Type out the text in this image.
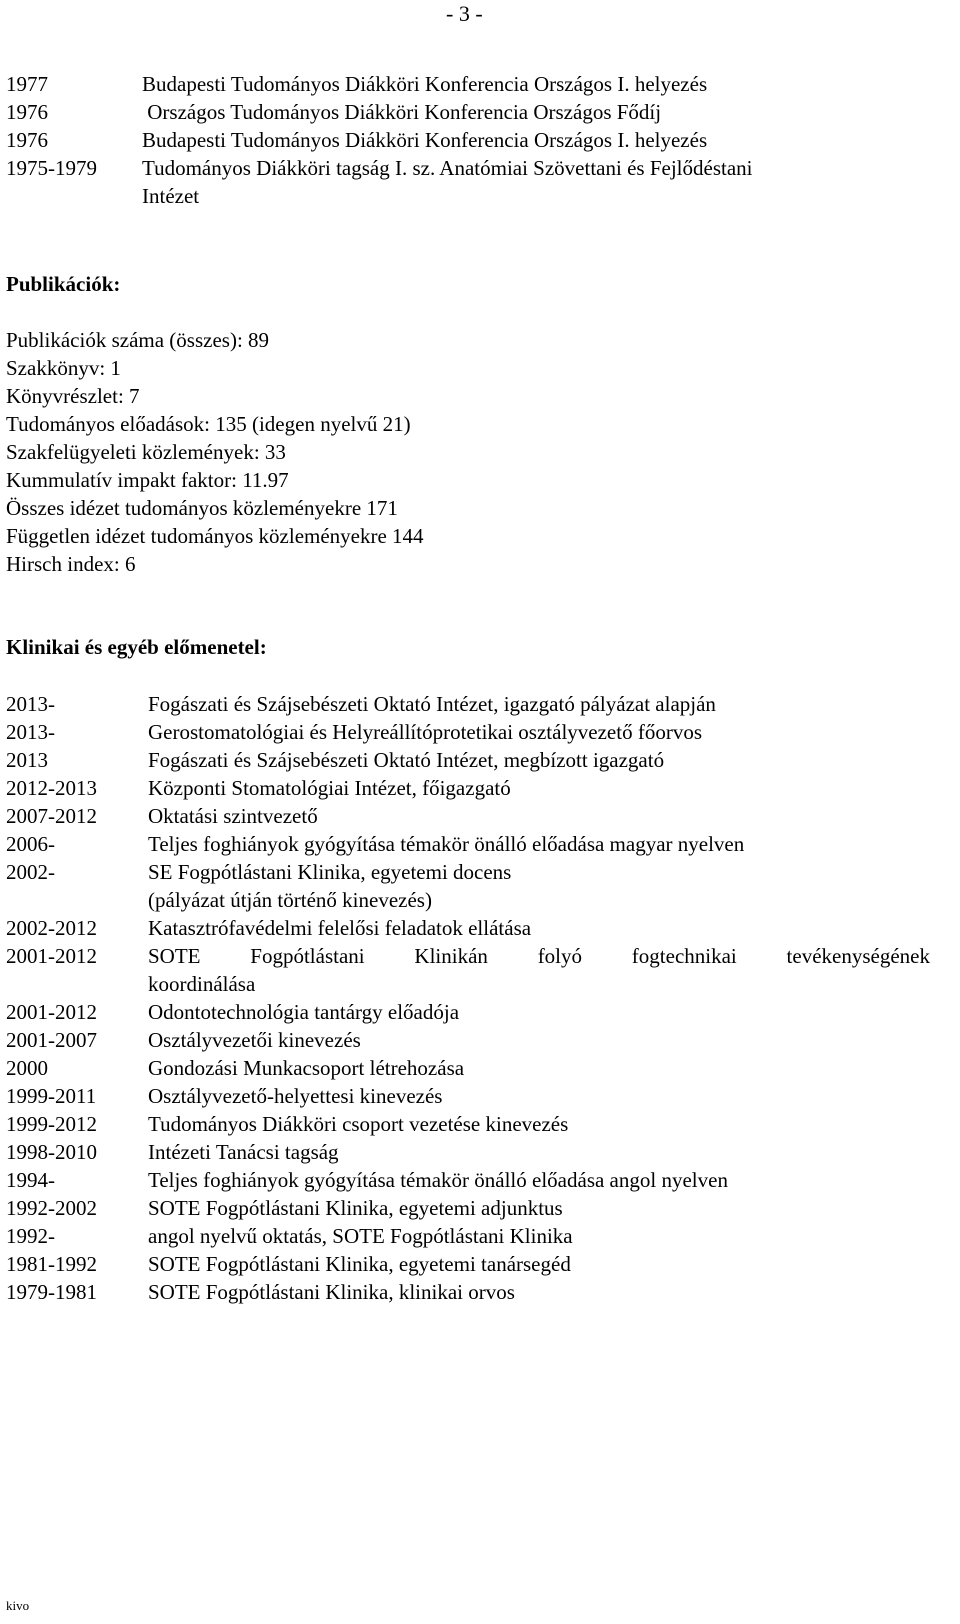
- 3 -
1977	Budapesti Tudományos Diákköri Konferencia Országos I. helyezés
1976	Országos Tudományos Diákköri Konferencia Országos Fődíj
1976	Budapesti Tudományos Diákköri Konferencia Országos I. helyezés
1975-1979	Tudományos Diákköri tagság I. sz. Anatómiai Szövettani és Fejlődéstani
Intézet
Publikációk:
Publikációk száma (összes): 89
Szakkönyv: 1
Könyvrészlet: 7
Tudományos előadások: 135 (idegen nyelvű 21)
Szakfelügyeleti közlemények: 33
Kummulatív impakt faktor: 11.97
Összes idézet tudományos közleményekre 171
Független idézet tudományos közleményekre 144
Hirsch index: 6
Klinikai és egyéb előmenetel:
2013-	Fogászati és Szájsebészeti Oktató Intézet, igazgató pályázat alapján
2013-	Gerostomatológiai és Helyreállítóprotetikai osztályvezető főorvos
2013	Fogászati és Szájsebészeti Oktató Intézet, megbízott igazgató
2012-2013	Központi Stomatológiai Intézet, főigazgató
2007-2012	Oktatási szintvezető
2006-	Teljes foghiányok gyógyítása témakör önálló előadása magyar nyelven
2002-	SE Fogpótlástani Klinika, egyetemi docens
(pályázat útján történő kinevezés)
2002-2012	Katasztrófavédelmi felelősi feladatok ellátása
2001-2012	SOTE Fogpótlástani Klinikán folyó fogtechnikai tevékenységének
koordinálása
2001-2012	Odontotechnológia tantárgy előadója
2001-2007	Osztályvezetői kinevezés
2000	Gondozási Munkacsoport létrehozása
1999-2011	Osztályvezető-helyettesi kinevezés
1999-2012	Tudományos Diákköri csoport vezetése kinevezés
1998-2010	Intézeti Tanácsi tagság
1994-	Teljes foghiányok gyógyítása témakör önálló előadása angol nyelven
1992-2002	SOTE Fogpótlástani Klinika, egyetemi adjunktus
1992-	angol nyelvű oktatás, SOTE Fogpótlástani Klinika
1981-1992	SOTE Fogpótlástani Klinika, egyetemi tanársegéd
1979-1981	SOTE Fogpótlástani Klinika, klinikai orvos
kivo
